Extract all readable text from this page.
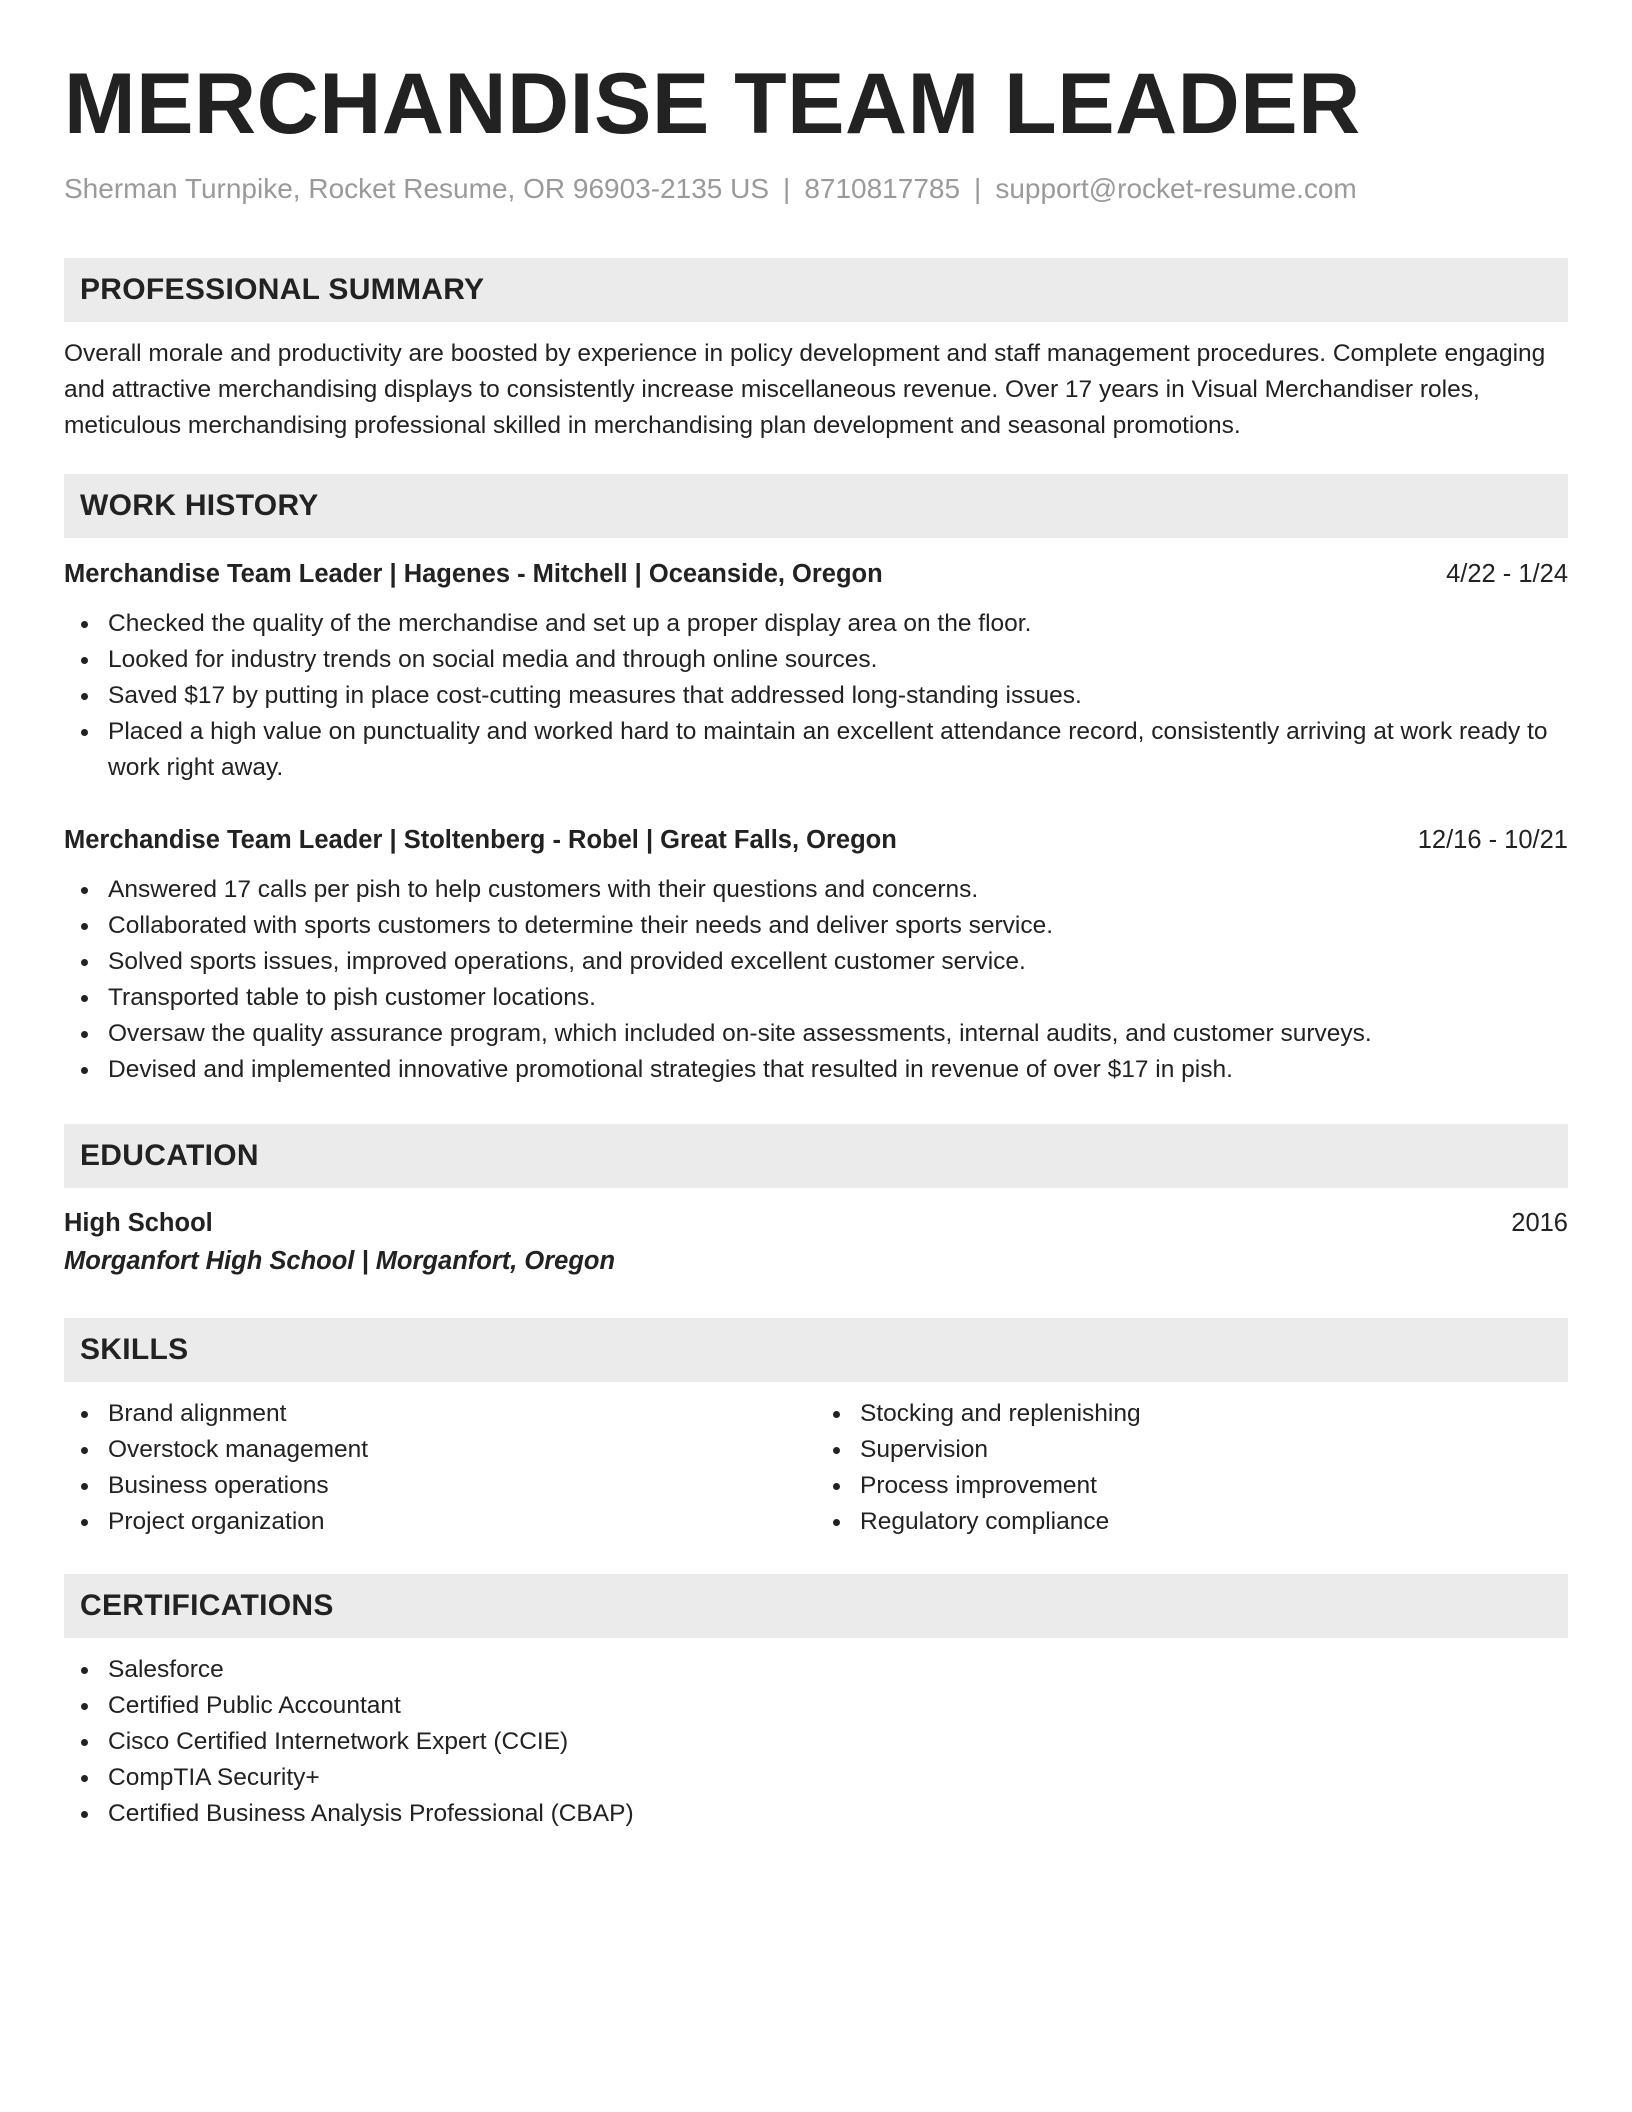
MERCHANDISE TEAM LEADER
Sherman Turnpike, Rocket Resume, OR 96903-2135 US | 8710817785 | support@rocket-resume.com
PROFESSIONAL SUMMARY
Overall morale and productivity are boosted by experience in policy development and staff management procedures. Complete engaging and attractive merchandising displays to consistently increase miscellaneous revenue. Over 17 years in Visual Merchandiser roles, meticulous merchandising professional skilled in merchandising plan development and seasonal promotions.
WORK HISTORY
Merchandise Team Leader | Hagenes - Mitchell | Oceanside, Oregon	4/22 - 1/24
Checked the quality of the merchandise and set up a proper display area on the floor.
Looked for industry trends on social media and through online sources.
Saved $17 by putting in place cost-cutting measures that addressed long-standing issues.
Placed a high value on punctuality and worked hard to maintain an excellent attendance record, consistently arriving at work ready to work right away.
Merchandise Team Leader | Stoltenberg - Robel | Great Falls, Oregon	12/16 - 10/21
Answered 17 calls per pish to help customers with their questions and concerns.
Collaborated with sports customers to determine their needs and deliver sports service.
Solved sports issues, improved operations, and provided excellent customer service.
Transported table to pish customer locations.
Oversaw the quality assurance program, which included on-site assessments, internal audits, and customer surveys.
Devised and implemented innovative promotional strategies that resulted in revenue of over $17 in pish.
EDUCATION
High School	2016
Morganfort High School | Morganfort, Oregon
SKILLS
Brand alignment
Overstock management
Business operations
Project organization
Stocking and replenishing
Supervision
Process improvement
Regulatory compliance
CERTIFICATIONS
Salesforce
Certified Public Accountant
Cisco Certified Internetwork Expert (CCIE)
CompTIA Security+
Certified Business Analysis Professional (CBAP)
